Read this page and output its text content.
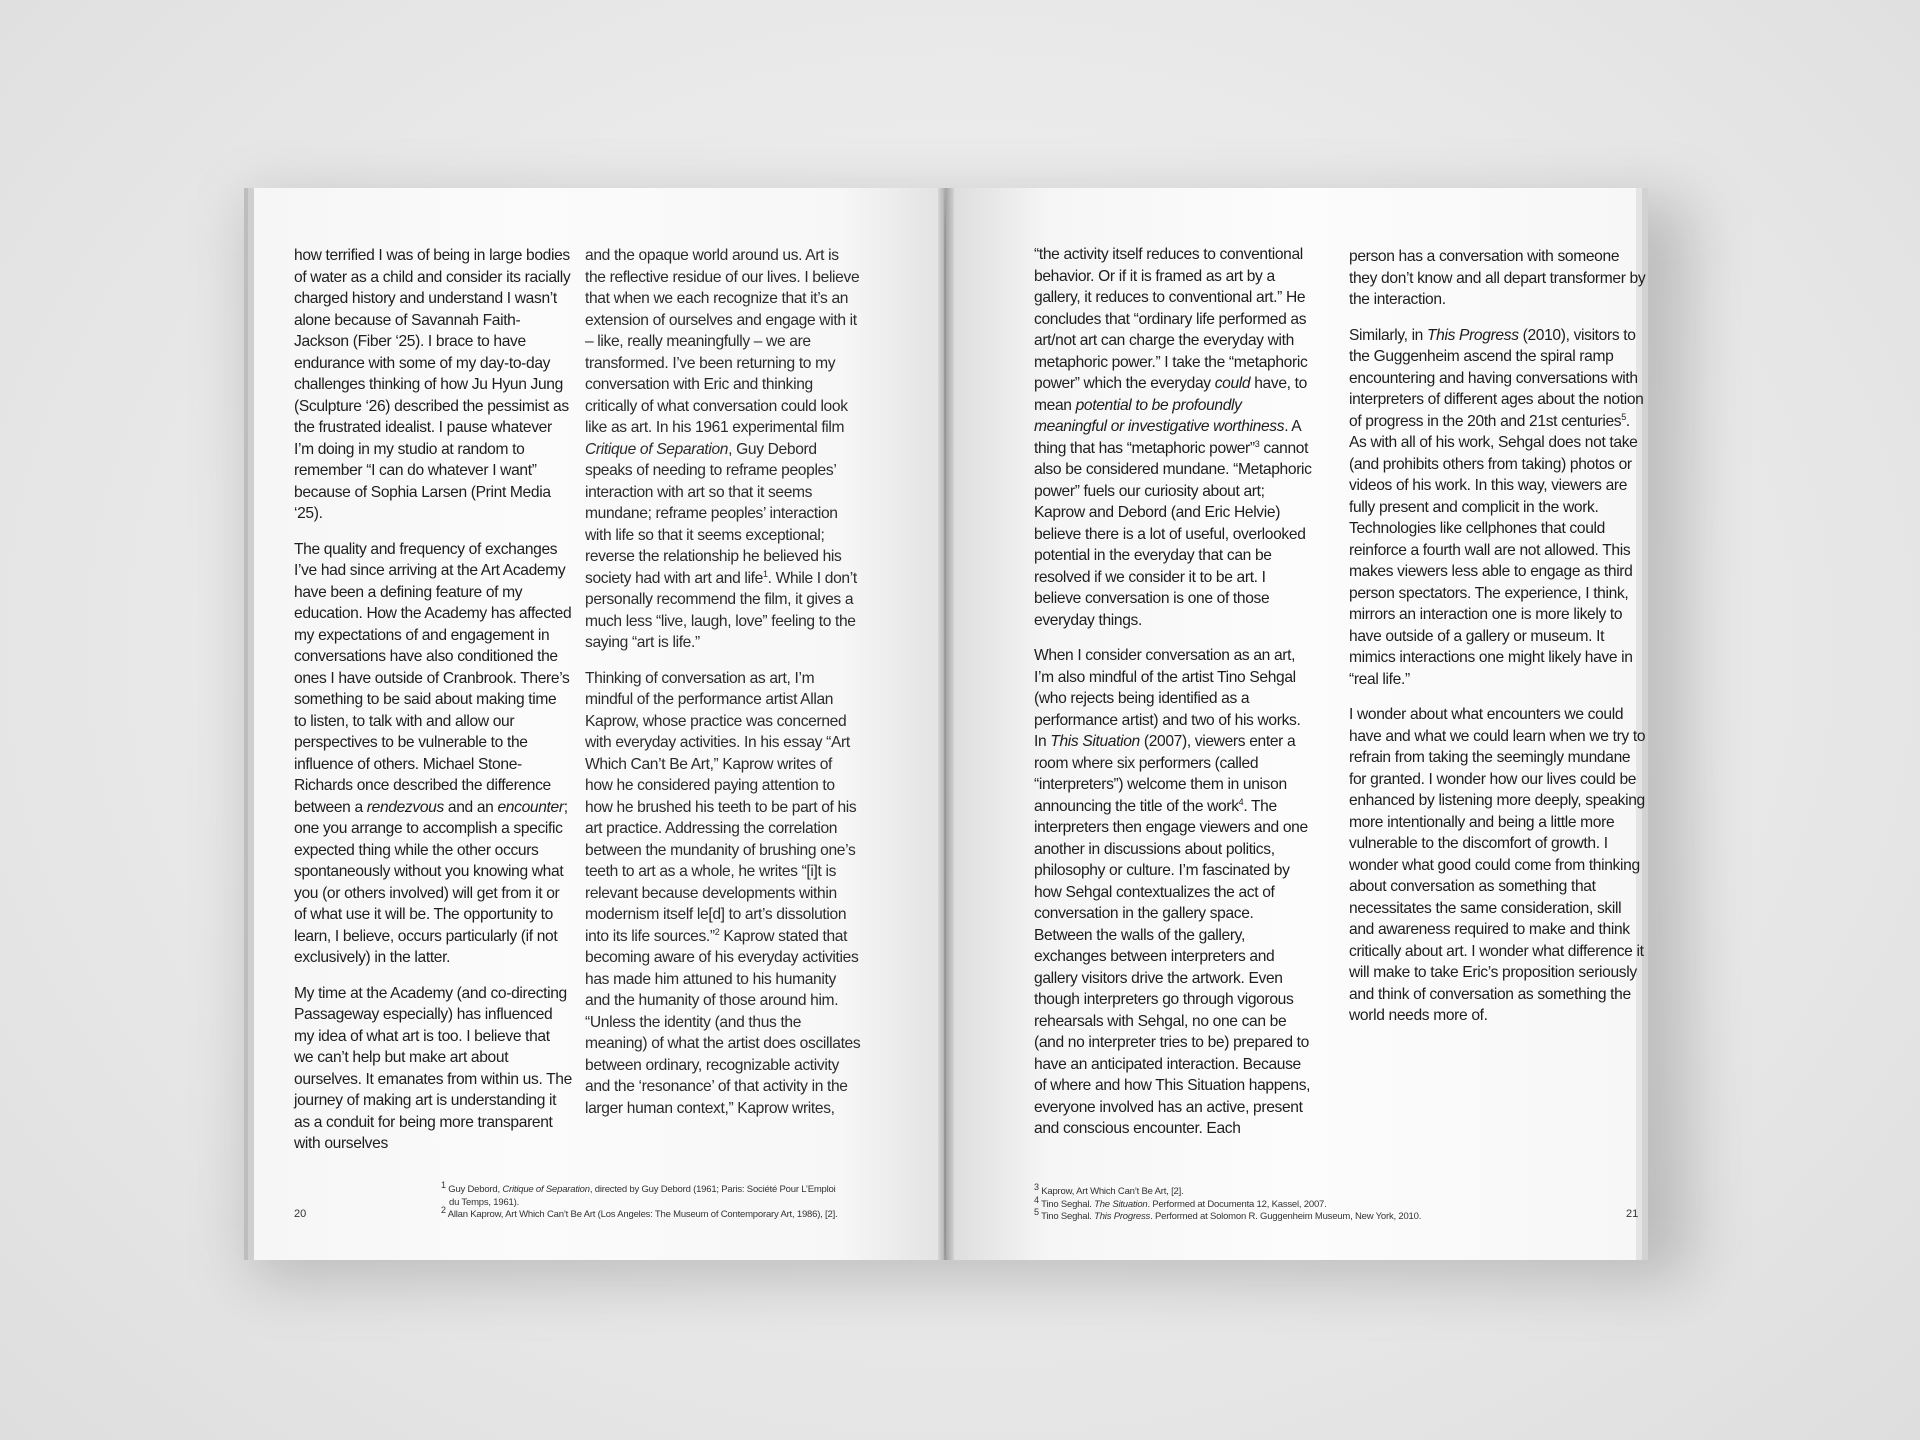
how terrified I was of being in large bodies of water as a child and consider its racially charged history and understand I wasn’t alone because of Savannah Faith-Jackson (Fiber ‘25). I brace to have endurance with some of my day-to-day challenges thinking of how Ju Hyun Jung (Sculpture ‘26) described the pessimist as the frustrated idealist. I pause whatever I’m doing in my studio at random to remember “I can do whatever I want” because of Sophia Larsen (Print Media ‘25).

The quality and frequency of exchanges I’ve had since arriving at the Art Academy have been a defining feature of my education. How the Academy has affected my expectations of and engagement in conversations have also conditioned the ones I have outside of Cranbrook. There’s something to be said about making time to listen, to talk with and allow our perspectives to be vulnerable to the influence of others. Michael Stone-Richards once described the difference between a rendezvous and an encounter; one you arrange to accomplish a specific expected thing while the other occurs spontaneously without you knowing what you (or others involved) will get from it or of what use it will be. The opportunity to learn, I believe, occurs particularly (if not exclusively) in the latter.

My time at the Academy (and co-directing Passageway especially) has influenced my idea of what art is too. I believe that we can’t help but make art about ourselves. It emanates from within us. The journey of making art is understanding it as a conduit for being more transparent with ourselves

and the opaque world around us. Art is the reflective residue of our lives. I believe that when we each recognize that it’s an extension of ourselves and engage with it – like, really meaningfully – we are transformed. I’ve been returning to my conversation with Eric and thinking critically of what conversation could look like as art. In his 1961 experimental film Critique of Separation, Guy Debord speaks of needing to reframe peoples’ interaction with art so that it seems mundane; reframe peoples’ interaction with life so that it seems exceptional; reverse the relationship he believed his society had with art and life$^1$. While I don’t personally recommend the film, it gives a much less “live, laugh, love” feeling to the saying “art is life.”

Thinking of conversation as art, I’m mindful of the performance artist Allan Kaprow, whose practice was concerned with everyday activities. In his essay “Art Which Can’t Be Art,” Kaprow writes of how he considered paying attention to how he brushed his teeth to be part of his art practice. Addressing the correlation between the mundanity of brushing one’s teeth to art as a whole, he writes “[i]t is relevant because developments within modernism itself le[d] to art’s dissolution into its life sources.”$^2$ Kaprow stated that becoming aware of his everyday activities has made him attuned to his humanity and the humanity of those around him. “Unless the identity (and thus the meaning) of what the artist does oscillates between ordinary, recognizable activity and the ‘resonance’ of that activity in the larger human context,” Kaprow writes,

20

$^1$ Guy Debord, Critique of Separation, directed by Guy Debord (1961; Paris: Société Pour L’Emploi
du Temps, 1961).

$^2$ Allan Kaprow, Art Which Can’t Be Art (Los Angeles: The Museum of Contemporary Art, 1986), [2].

“the activity itself reduces to conventional behavior. Or if it is framed as art by a gallery, it reduces to conventional art.” He concludes that “ordinary life performed as art/not art can charge the everyday with metaphoric power.” I take the “metaphoric power” which the everyday could have, to mean potential to be profoundly meaningful or investigative worthiness. A thing that has “metaphoric power”$^3$ cannot also be considered mundane. “Metaphoric power” fuels our curiosity about art; Kaprow and Debord (and Eric Helvie) believe there is a lot of useful, overlooked potential in the everyday that can be resolved if we consider it to be art. I believe conversation is one of those everyday things.

When I consider conversation as an art, I’m also mindful of the artist Tino Sehgal (who rejects being identified as a performance artist) and two of his works. In This Situation (2007), viewers enter a room where six performers (called “interpreters”) welcome them in unison announcing the title of the work$^4$. The interpreters then engage viewers and one another in discussions about politics, philosophy or culture. I’m fascinated by how Sehgal contextualizes the act of conversation in the gallery space. Between the walls of the gallery, exchanges between interpreters and gallery visitors drive the artwork. Even though interpreters go through vigorous rehearsals with Sehgal, no one can be (and no interpreter tries to be) prepared to have an anticipated interaction. Because of where and how This Situation happens, everyone involved has an active, present and conscious encounter. Each

person has a conversation with someone they don’t know and all depart transformer by the interaction.

Similarly, in This Progress (2010), visitors to the Guggenheim ascend the spiral ramp encountering and having conversations with interpreters of different ages about the notion of progress in the 20th and 21st centuries$^5$. As with all of his work, Sehgal does not take (and prohibits others from taking) photos or videos of his work. In this way, viewers are fully present and complicit in the work. Technologies like cellphones that could reinforce a fourth wall are not allowed. This makes viewers less able to engage as third person spectators. The experience, I think, mirrors an interaction one is more likely to have outside of a gallery or museum. It mimics interactions one might likely have in “real life.”

I wonder about what encounters we could have and what we could learn when we try to refrain from taking the seemingly mundane for granted. I wonder how our lives could be enhanced by listening more deeply, speaking more intentionally and being a little more vulnerable to the discomfort of growth. I wonder what good could come from thinking about conversation as something that necessitates the same consideration, skill and awareness required to make and think critically about art. I wonder what difference it will make to take Eric’s proposition seriously and think of conversation as something the world needs more of.

21

$^3$ Kaprow, Art Which Can’t Be Art, [2].

$^4$ Tino Seghal. The Situation. Performed at Documenta 12, Kassel, 2007.

$^5$ Tino Seghal. This Progress. Performed at Solomon R. Guggenheim Museum, New York, 2010.
